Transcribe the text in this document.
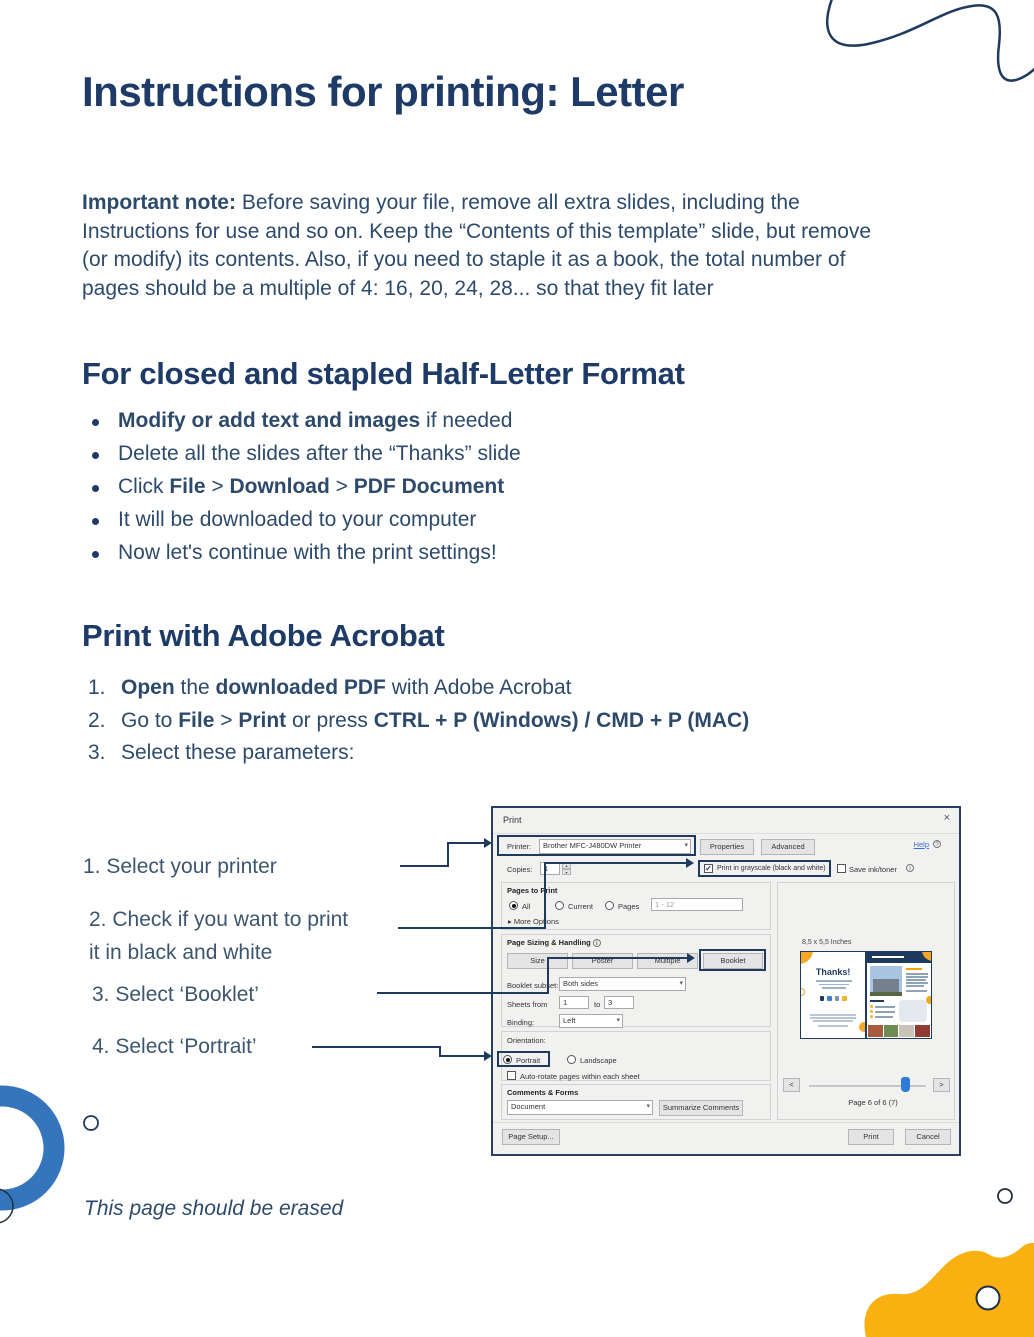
Instructions for printing: Letter

Important note: Before saving your file, remove all extra slides, including the Instructions for use and so on. Keep the “Contents of this template” slide, but remove (or modify) its contents. Also, if you need to staple it as a book, the total number of pages should be a multiple of 4: 16, 20, 24, 28... so that they fit later

For closed and stapled Half-Letter Format
Modify or add text and images if needed
Delete all the slides after the “Thanks” slide
Click File > Download > PDF Document
It will be downloaded to your computer
Now let's continue with the print settings!
Print with Adobe Acrobat
1. Open the downloaded PDF with Adobe Acrobat
2. Go to File > Print or press CTRL + P (Windows) / CMD + P (MAC)
3. Select these parameters:
1. Select your printer
2. Check if you want to print
it in black and white
3. Select ‘Booklet’
4. Select ‘Portrait’
This page should be erased
Print	×
Printer:	Brother MFC-J480DW Printer	▾	Properties	Advanced	Help	?
Copies:	1	▴
▾	✓ Print in grayscale (black and white)	Save ink/toner	i
Pages to Print
All	Current	Pages	1 - 12
▸ More Options
Page Sizing & Handling i
Size	Poster	Multiple	Booklet
Booklet subset: Both sides	▾
Sheets from	1	to	3
Binding:	Left	▾
Orientation:
Portrait	Landscape
Auto-rotate pages within each sheet
Comments & Forms
Document	▾	Summarize Comments
8,5 x 5,5 Inches
Thanks!
<	>
Page 6 of 6 (7)
Page Setup...	Print	Cancel
